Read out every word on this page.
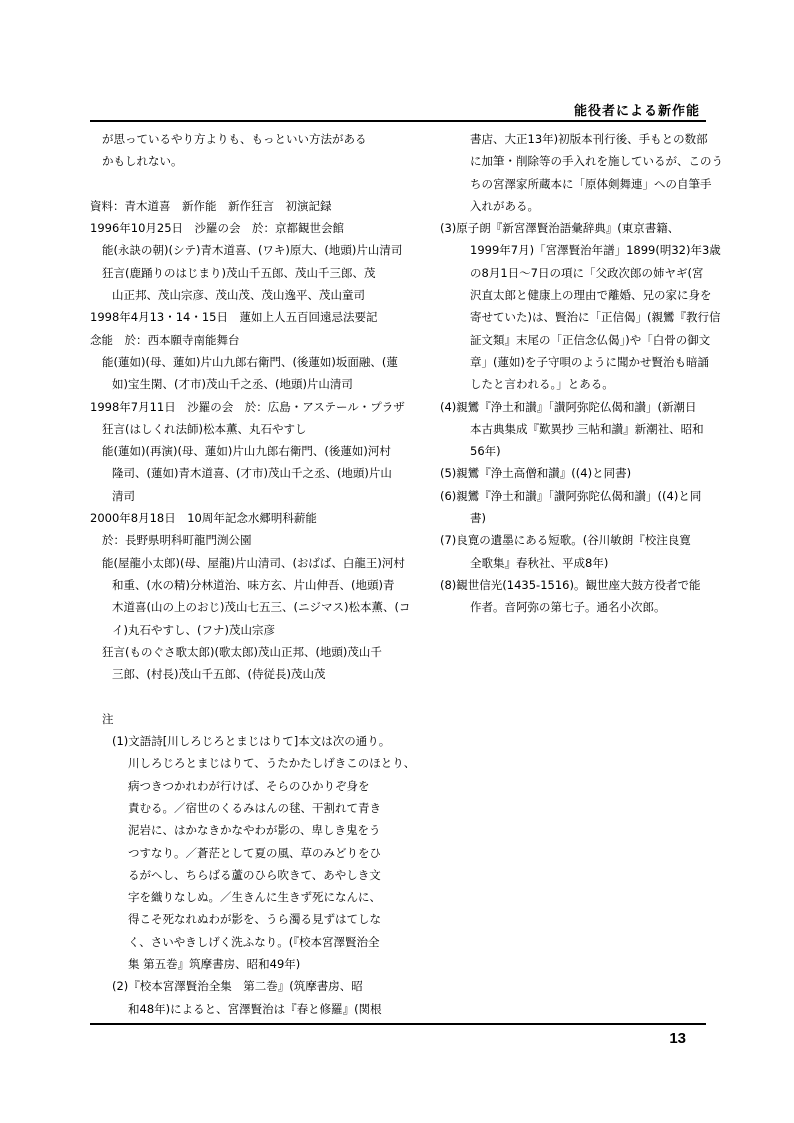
能役者による新作能
が思っているやり方よりも、もっといい方法がある
かもしれない。
資料：青木道喜　新作能　新作狂言　初演記録
1996年10月25日　沙羅の会　於：京都観世会館
能(永訣の朝)(シテ)青木道喜、(ワキ)原大、(地頭)片山清司
狂言(鹿踊りのはじまり)茂山千五郎、茂山千三郎、茂
山正邦、茂山宗彦、茂山茂、茂山逸平、茂山童司
1998年4月13・14・15日　蓮如上人五百回遠忌法要記
念能　於：西本願寺南能舞台
能(蓮如)(母、蓮如)片山九郎右衛門、(後蓮如)坂面融、(蓮
如)宝生閑、(才市)茂山千之丞、(地頭)片山清司
1998年7月11日　沙羅の会　於：広島・アステール・プラザ
狂言(はしくれ法師)松本薫、丸石やすし
能(蓮如)(再演)(母、蓮如)片山九郎右衛門、(後蓮如)河村
隆司、(蓮如)青木道喜、(才市)茂山千之丞、(地頭)片山
清司
2000年8月18日　10周年記念水郷明科薪能
於：長野県明科町龍門渕公園
能(屋龍小太郎)(母、屋龍)片山清司、(おばば、白龍王)河村
和重、(水の精)分林道治、味方玄、片山伸吾、(地頭)青
木道喜(山の上のおじ)茂山七五三、(ニジマス)松本薫、(コ
イ)丸石やすし、(フナ)茂山宗彦
狂言(ものぐさ歌太郎)(歌太郎)茂山正邦、(地頭)茂山千
三郎、(村長)茂山千五郎、(侍従長)茂山茂
注
(1)文語詩[川しろじろとまじはりて]本文は次の通り。
川しろじろとまじはりて、うたかたしげきこのほとり、
病つきつかれわが行けば、そらのひかりぞ身を
責むる。／宿世のくるみはんの毬、干割れて青き
泥岩に、はかなきかなやわが影の、卑しき鬼をう
つすなり。／蒼茫として夏の風、草のみどりをひ
るがへし、ちらばる蘆のひら吹きて、あやしき文
字を織りなしぬ。／生きんに生きず死になんに、
得こそ死なれぬわが影を、うら濁る見ずはてしな
く、さいやきしげく洗ふなり。(『校本宮澤賢治全
集 第五巻』筑摩書房、昭和49年)
(2)『校本宮澤賢治全集　第二巻』(筑摩書房、昭
和48年)によると、宮澤賢治は『春と修羅』(関根
書店、大正13年)初版本刊行後、手もとの数部
に加筆・削除等の手入れを施しているが、このう
ちの宮澤家所蔵本に「原体剣舞連」への自筆手
入れがある。
(3)原子朗『新宮澤賢治語彙辞典』(東京書籍、
1999年7月)「宮澤賢治年譜」1899(明32)年3歳
の8月1日～7日の項に「父政次郎の姉ヤギ(宮
沢直太郎と健康上の理由で離婚、兄の家に身を
寄せていた)は、賢治に「正信偈」(親鸞『教行信
証文類』末尾の「正信念仏偈」)や「白骨の御文
章」(蓮如)を子守唄のように聞かせ賢治も暗誦
したと言われる。」とある。
(4)親鸞『浄土和讃』「讃阿弥陀仏偈和讃」(新潮日
本古典集成『歎異抄 三帖和讃』新潮社、昭和
56年)
(5)親鸞『浄土高僧和讃』((4)と同書)
(6)親鸞『浄土和讃』「讃阿弥陀仏偈和讃」((4)と同
書)
(7)良寛の遺墨にある短歌。(谷川敏朗『校注良寛
全歌集』春秋社、平成8年)
(8)観世信光(1435-1516)。観世座大鼓方役者で能
作者。音阿弥の第七子。通名小次郎。
13
